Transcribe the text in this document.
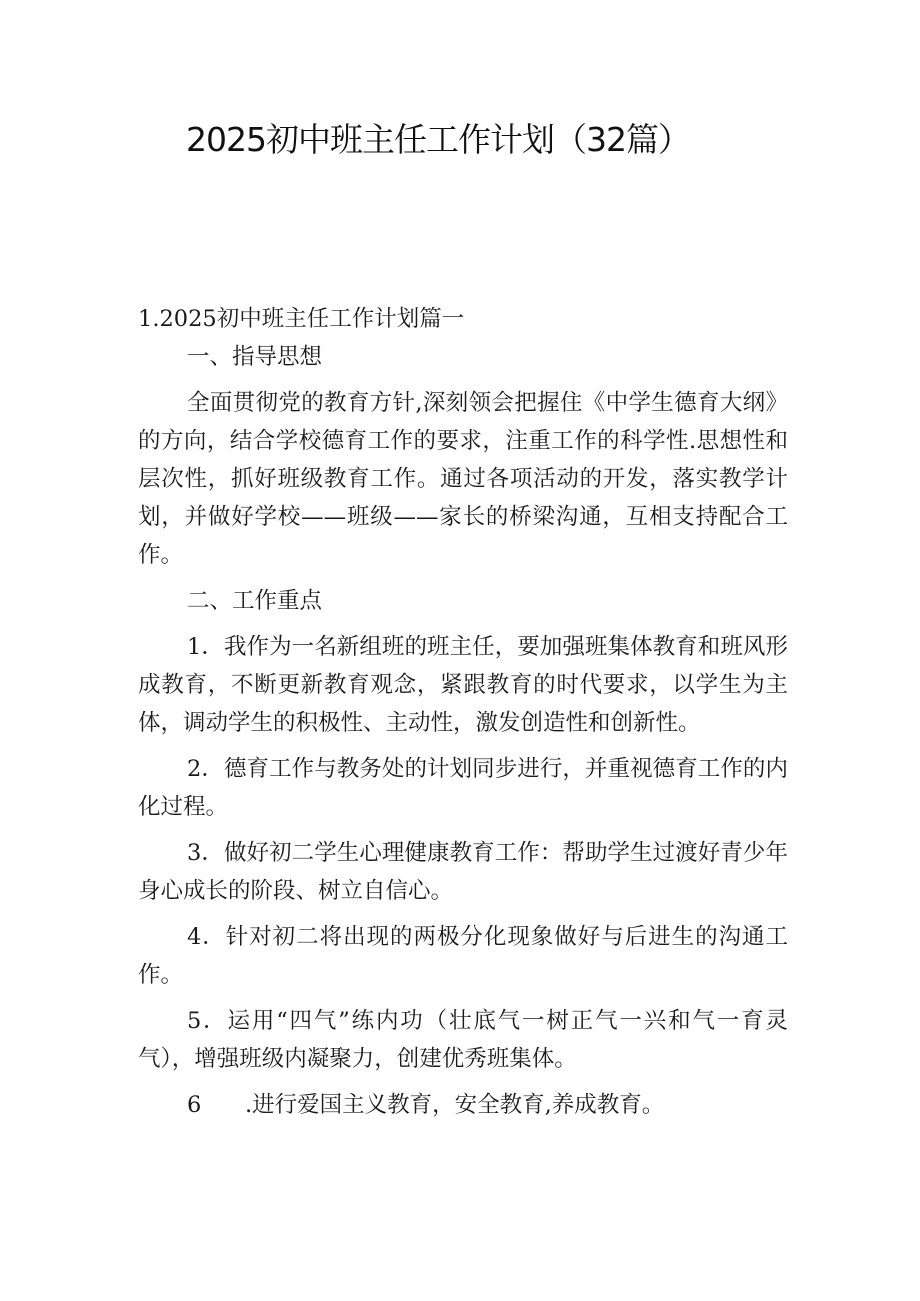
2025初中班主任工作计划（32篇）

1.2025初中班主任工作计划篇一

一、指导思想

全面贯彻党的教育方针,深刻领会把握住《中学生德育大纲》的方向，结合学校德育工作的要求，注重工作的科学性.思想性和层次性，抓好班级教育工作。通过各项活动的开发，落实教学计划，并做好学校——班级——家长的桥梁沟通，互相支持配合工作。

二、工作重点

1．我作为一名新组班的班主任，要加强班集体教育和班风形成教育，不断更新教育观念，紧跟教育的时代要求，以学生为主体，调动学生的积极性、主动性，激发创造性和创新性。

2．德育工作与教务处的计划同步进行，并重视德育工作的内化过程。

3．做好初二学生心理健康教育工作：帮助学生过渡好青少年身心成长的阶段、树立自信心。

4．针对初二将出现的两极分化现象做好与后进生的沟通工作。

5．运用“四气”练内功（壮底气一树正气一兴和气一育灵气），增强班级内凝聚力，创建优秀班集体。

6 .进行爱国主义教育，安全教育,养成教育。
